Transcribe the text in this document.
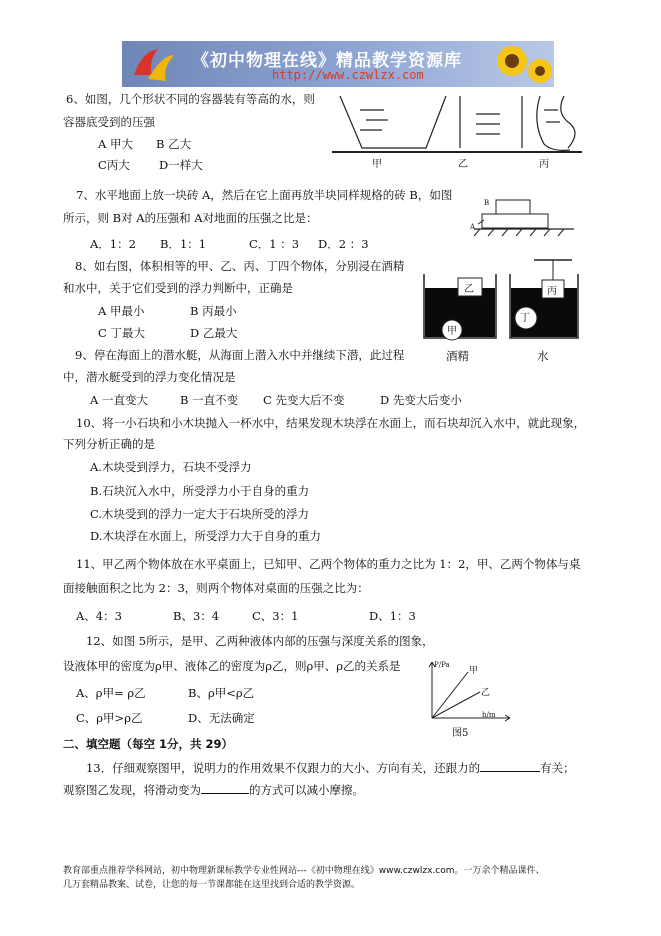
《初中物理在线》精品教学资源库
http://www.czwlzx.com
6、如图，几个形状不同的容器装有等高的水，则
容器底受到的压强
A 甲大 B 乙大
C丙大	D一样大	甲	乙	丙
7、水平地面上放一块砖 A，然后在它上面再放半块同样规格的砖 B，如图
所示，则 B对 A的压强和 A对地面的压强之比是：
A．1：2 B．1：1	C．1 ：3 D．2 ：3
B
A
8、如右图，体积相等的甲、乙、丙、丁四个物体，分别浸在酒精
和水中，关于它们受到的浮力判断中，正确是
A 甲最小	B 丙最小
C 丁最大	D 乙最大
乙
甲
丙
丁
酒精	水
9、停在海面上的潜水艇，从海面上潜入水中并继续下潜，此过程
中，潜水艇受到的浮力变化情况是
A 一直变大	B 一直不变 C 先变大后不变	D 先变大后变小
10、将一小石块和小木块抛入一杯水中，结果发现木块浮在水面上，而石块却沉入水中，就此现象，
下列分析正确的是
A.木块受到浮力，石块不受浮力
B.石块沉入水中，所受浮力小于自身的重力
C.木块受到的浮力一定大于石块所受的浮力
D.木块浮在水面上，所受浮力大于自身的重力
11、甲乙两个物体放在水平桌面上，已知甲、乙两个物体的重力之比为 1：2，甲、乙两个物体与桌
面接触面积之比为 2：3，则两个物体对桌面的压强之比为：
A、4：3	B、3：4	C、3：1	D、1：3
12、如图 5所示，是甲、乙两种液体内部的压强与深度关系的图象，
设液体甲的密度为ρ甲、液体乙的密度为ρ乙，则ρ甲、ρ乙的关系是
A、ρ甲= ρ乙	B、ρ甲<ρ乙
C、ρ甲>ρ乙	D、无法确定
P/Pa
h/m
甲
乙
图5
二、填空题（每空 1分，共 29）
13．仔细观察图甲，说明力的作用效果不仅跟力的大小、方向有关，还跟力的	有关；
观察图乙发现，将滑动变为	的方式可以减小摩擦。
教育部重点推荐学科网站，初中物理新课标教学专业性网站---《初中物理在线》www.czwlzx.com。一万余个精品课件、
几万套精品教案、试卷，让您的每一节课都能在这里找到合适的教学资源。
